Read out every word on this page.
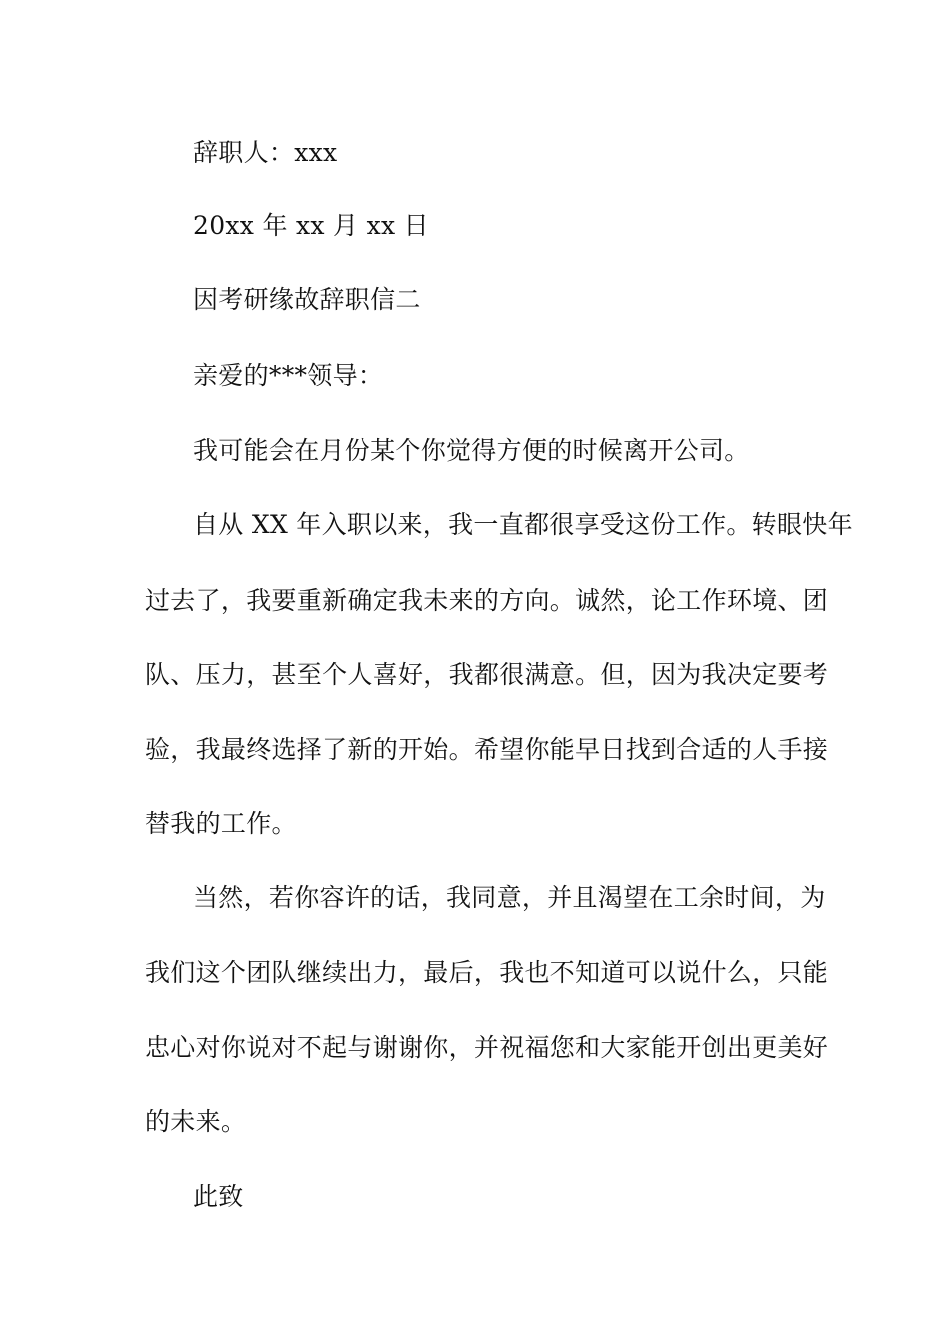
辞职人：xxx
20xx 年 xx 月 xx 日
因考研缘故辞职信二
亲爱的***领导：
我可能会在月份某个你觉得方便的时候离开公司。
自从 XX 年入职以来，我一直都很享受这份工作。转眼快年
过去了，我要重新确定我未来的方向。诚然，论工作环境、团
队、压力，甚至个人喜好，我都很满意。但，因为我决定要考
验，我最终选择了新的开始。希望你能早日找到合适的人手接
替我的工作。
当然，若你容许的话，我同意，并且渴望在工余时间，为
我们这个团队继续出力，最后，我也不知道可以说什么，只能
忠心对你说对不起与谢谢你，并祝福您和大家能开创出更美好
的未来。
此致
